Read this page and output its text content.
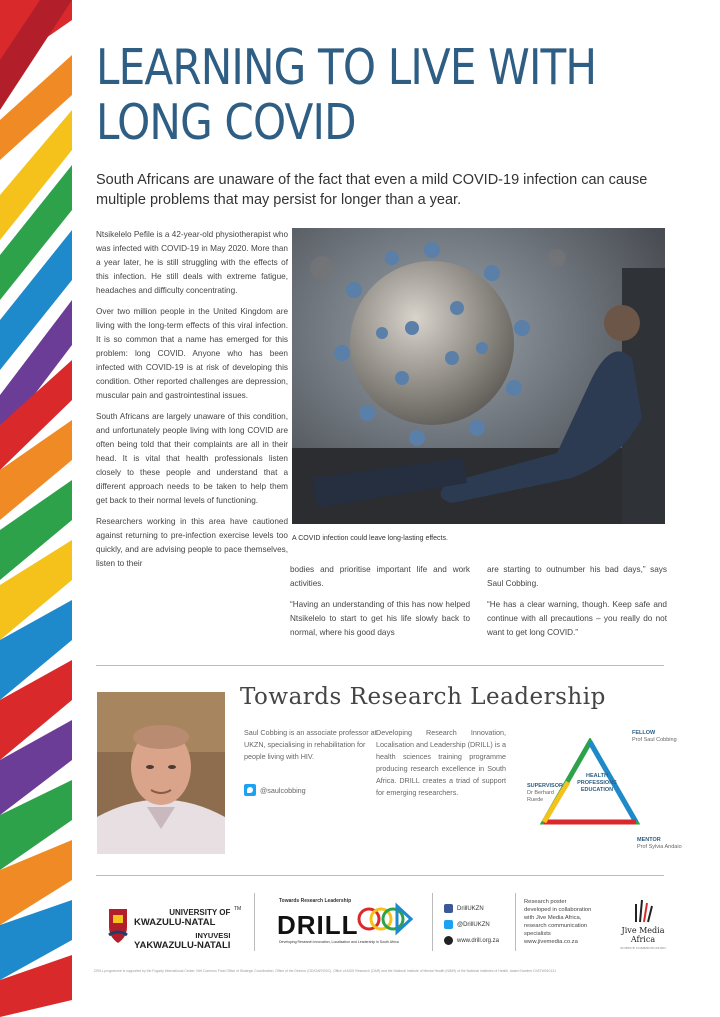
LEARNING TO LIVE WITH LONG COVID

South Africans are unaware of the fact that even a mild COVID-19 infection can cause multiple problems that may persist for longer than a year.

Ntsikelelo Pefile is a 42-year-old physiotherapist who was infected with COVID-19 in May 2020. More than a year later, he is still struggling with the effects of this infection. He still deals with extreme fatigue, headaches and difficulty concentrating.

Over two million people in the United Kingdom are living with the long-term effects of this viral infection. It is so common that a name has emerged for this problem: long COVID. Anyone who has been infected with COVID-19 is at risk of developing this condition. Other reported challenges are depression, muscular pain and gastrointestinal issues.

South Africans are largely unaware of this condition, and unfortunately people living with long COVID are often being told that their complaints are all in their head. It is vital that health professionals listen closely to these people and understand that a different approach needs to be taken to help them get back to their normal levels of functioning.

Researchers working in this area have cautioned against returning to pre-infection exercise levels too quickly, and are advising people to pace themselves, listen to their

A COVID infection could leave long-lasting effects.

bodies and prioritise important life and work activities.

“Having an understanding of this has now helped Ntsikelelo to start to get his life slowly back to normal, where his good days

are starting to outnumber his bad days,” says Saul Cobbing.

“He has a clear warning, though. Keep safe and continue with all precautions – you really do not want to get long COVID.”

Towards Research Leadership
Saul Cobbing is an associate professor at UKZN, specialising in rehabilitation for people living with HIV.
@saulcobbing
Developing Research Innovation, Localisation and Leadership (DRILL) is a health sciences training programme producing research excellence in South Africa. DRILL creates a triad of support for emerging researchers.
FELLOW
Prof Saul Cobbing
SUPERVISOR
Dr Berhard Ruede
MENTOR
Prof Sylvia Andaio
HEALTH PROFESSIONS EDUCATION
UNIVERSITY OF
KWAZULU-NATAL
INYUVESI
YAKWAZULU-NATALI
TM
Towards Research Leadership
DRILL
Developing Research Innovation, Localisation and Leadership in South Africa
DrillUKZN
@DrillUKZN
www.drill.org.za
Research poster developed in collaboration with Jive Media Africa, research communication specialists www.jivemedia.co.za
Jive Media
Africa
SCIENCE COMMUNICATION
DRILL programme is supported by the Fogarty International Center, NIH Common Fund Office of Strategic Coordination, Office of the Director (OD/OAR/OSC), Office of AIDS Research (OAR) and the National Institute of Mental Health (NIMH) of the National Institutes of Health, Award Number D43TW010131
